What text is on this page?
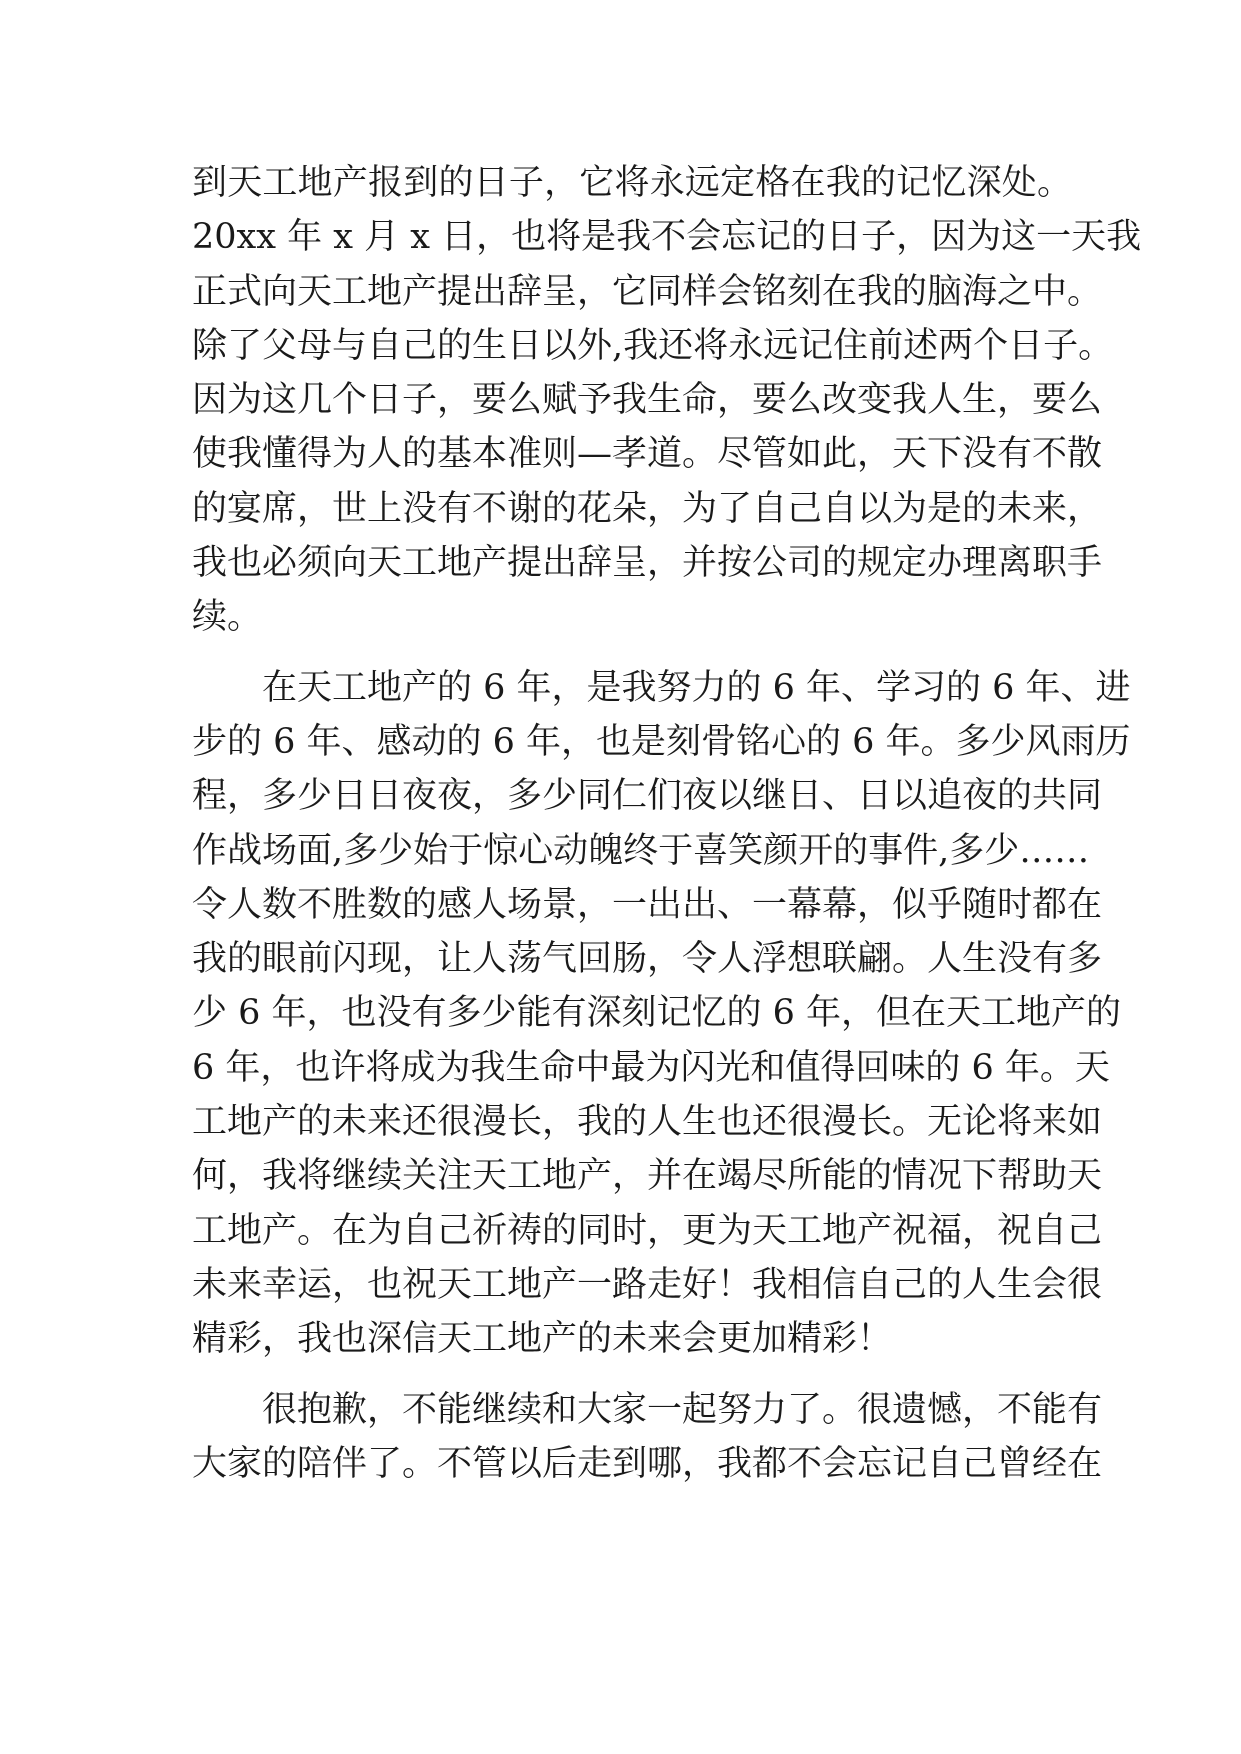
到天工地产报到的日子，它将永远定格在我的记忆深处。
20xx 年 x 月 x 日，也将是我不会忘记的日子，因为这一天我
正式向天工地产提出辞呈，它同样会铭刻在我的脑海之中。
除了父母与自己的生日以外,我还将永远记住前述两个日子。
因为这几个日子，要么赋予我生命，要么改变我人生，要么
使我懂得为人的基本准则—孝道。尽管如此，天下没有不散
的宴席，世上没有不谢的花朵，为了自己自以为是的未来，
我也必须向天工地产提出辞呈，并按公司的规定办理离职手
续。
在天工地产的 6 年，是我努力的 6 年、学习的 6 年、进
步的 6 年、感动的 6 年，也是刻骨铭心的 6 年。多少风雨历
程，多少日日夜夜，多少同仁们夜以继日、日以追夜的共同
作战场面,多少始于惊心动魄终于喜笑颜开的事件,多少……
令人数不胜数的感人场景，一出出、一幕幕，似乎随时都在
我的眼前闪现，让人荡气回肠，令人浮想联翩。人生没有多
少 6 年，也没有多少能有深刻记忆的 6 年，但在天工地产的
6 年，也许将成为我生命中最为闪光和值得回味的 6 年。天
工地产的未来还很漫长，我的人生也还很漫长。无论将来如
何，我将继续关注天工地产，并在竭尽所能的情况下帮助天
工地产。在为自己祈祷的同时，更为天工地产祝福，祝自己
未来幸运，也祝天工地产一路走好！我相信自己的人生会很
精彩，我也深信天工地产的未来会更加精彩！
很抱歉，不能继续和大家一起努力了。很遗憾，不能有
大家的陪伴了。不管以后走到哪，我都不会忘记自己曾经在
